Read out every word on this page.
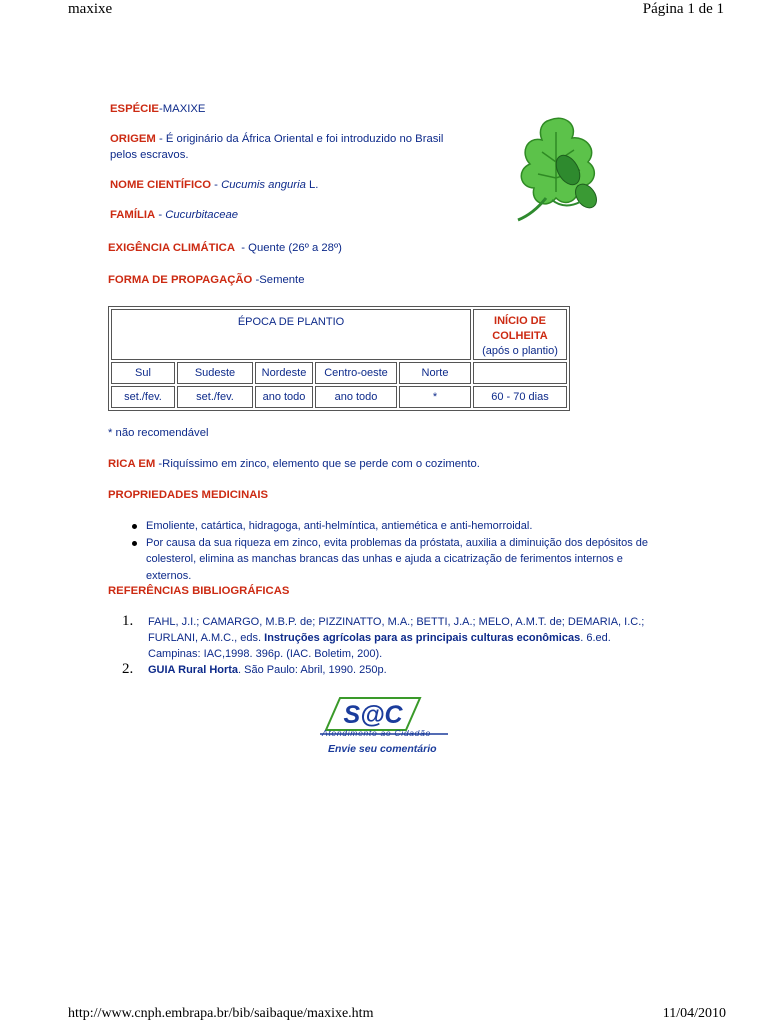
maxixe	Página 1 de 1
ESPÉCIE-MAXIXE
ORIGEM - É originário da África Oriental e foi introduzido no Brasil pelos escravos.
NOME CIENTÍFICO - Cucumis anguria L.
FAMÍLIA - Cucurbitaceae
EXIGÊNCIA CLIMÁTICA  - Quente (26º a 28º)
FORMA DE PROPAGAÇÃO -Semente
ÉPOCA DE PLANTIO					INÍCIO DE COLHEITA
(após o plantio)

Sul	Sudeste	Nordeste	Centro-oeste	Norte	
set./fev.	set./fev.	ano todo	ano todo	*	60 - 70 dias
* não recomendável
RICA EM -Riquíssimo em zinco, elemento que se perde com o cozimento.
PROPRIEDADES MEDICINAIS
Emoliente, catártica, hidragoga, anti-helmíntica, antiemética e anti-hemorroidal.
Por causa da sua riqueza em zinco, evita problemas da próstata, auxilia a diminuição dos depósitos de colesterol, elimina as manchas brancas das unhas e ajuda a cicatrização de ferimentos internos e externos.
REFERÊNCIAS BIBLIOGRÁFICAS
1. FAHL, J.I.; CAMARGO, M.B.P. de; PIZZINATTO, M.A.; BETTI, J.A.; MELO, A.M.T. de; DEMARIA, I.C.; FURLANI, A.M.C., eds. Instruções agrícolas para as principais culturas econômicas. 6.ed. Campinas: IAC,1998. 396p. (IAC. Boletim, 200).
2. GUIA Rural Horta. São Paulo: Abril, 1990. 250p.
S@C
Atendimento ao Cidadão
Envie seu comentário
http://www.cnph.embrapa.br/bib/saibaque/maxixe.htm	11/04/2010
